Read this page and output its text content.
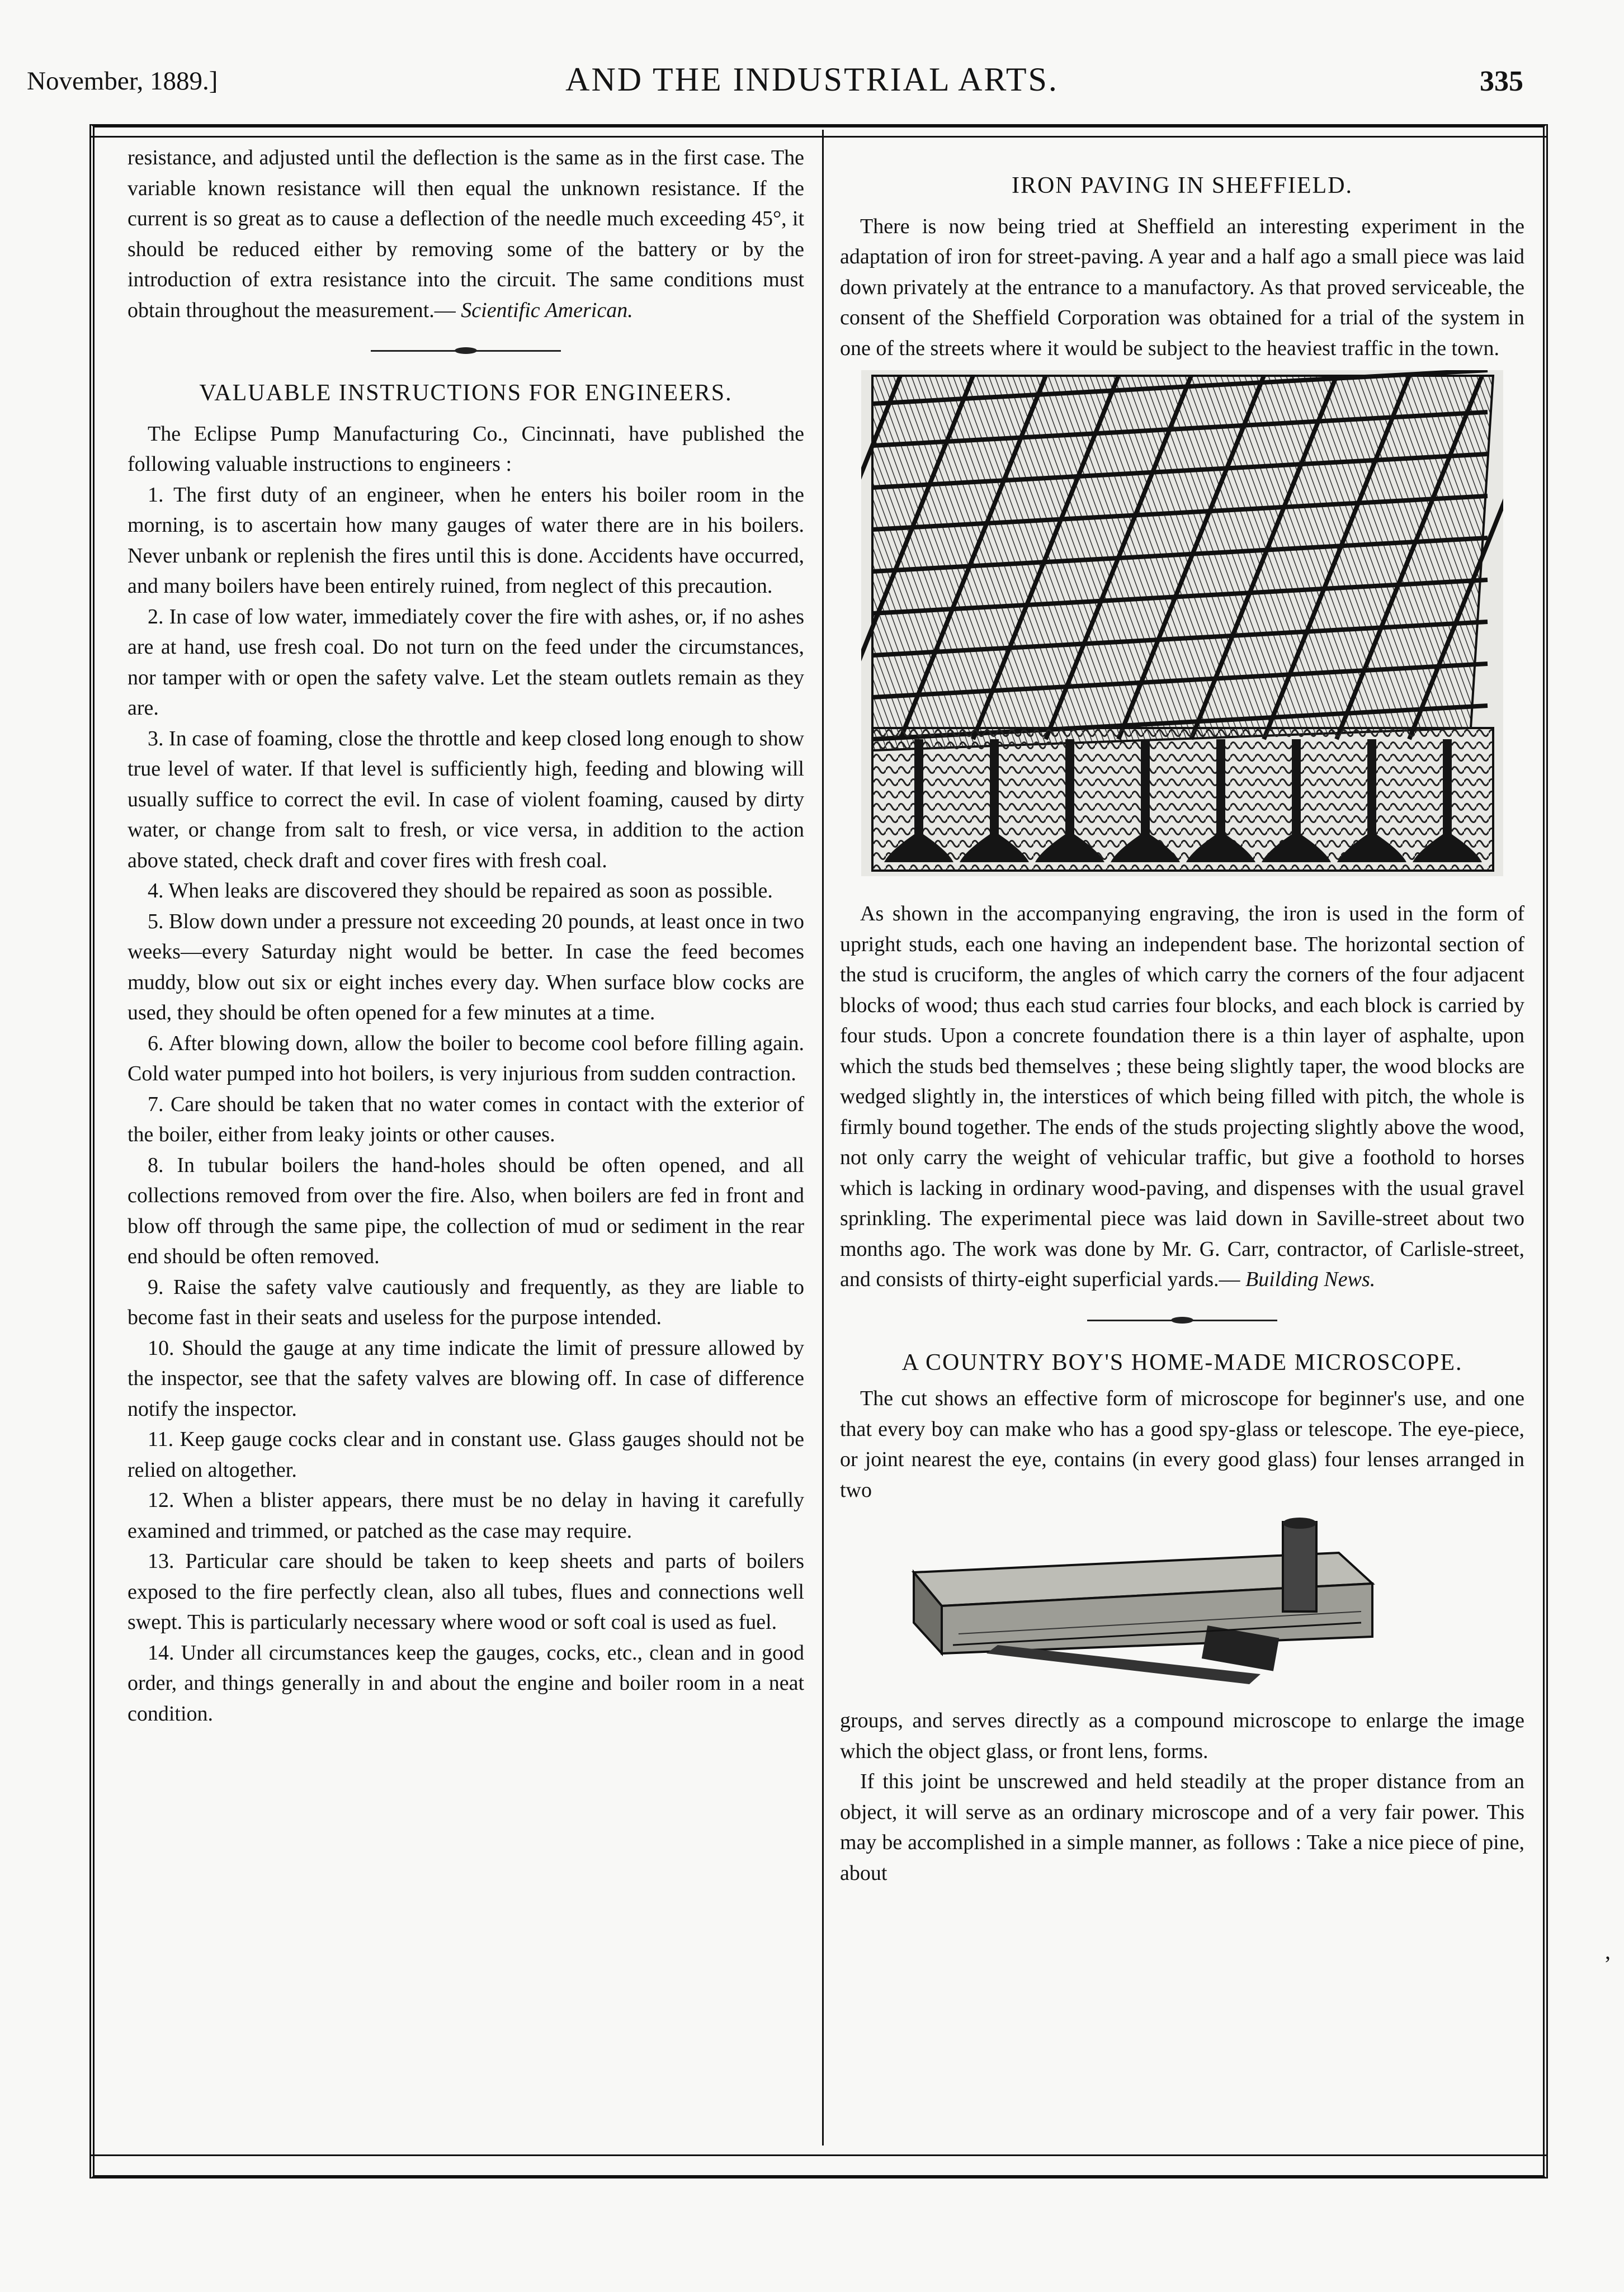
November, 1889.]	AND THE INDUSTRIAL ARTS.	335

resistance, and adjusted until the deflection is the same as in the first case. The variable known resistance will then equal the unknown resistance. If the current is so great as to cause a deflection of the needle much exceeding 45°, it should be reduced either by removing some of the battery or by the introduction of extra resistance into the circuit. The same conditions must obtain throughout the measurement.— Scientific American.

VALUABLE INSTRUCTIONS FOR ENGINEERS.

The Eclipse Pump Manufacturing Co., Cincinnati, have published the following valuable instructions to engineers :

1. The first duty of an engineer, when he enters his boiler room in the morning, is to ascertain how many gauges of water there are in his boilers. Never unbank or replenish the fires until this is done. Accidents have occurred, and many boilers have been entirely ruined, from neglect of this precaution.

2. In case of low water, immediately cover the fire with ashes, or, if no ashes are at hand, use fresh coal. Do not turn on the feed under the circumstances, nor tamper with or open the safety valve. Let the steam outlets remain as they are.

3. In case of foaming, close the throttle and keep closed long enough to show true level of water. If that level is sufficiently high, feeding and blowing will usually suffice to correct the evil. In case of violent foaming, caused by dirty water, or change from salt to fresh, or vice versa, in addition to the action above stated, check draft and cover fires with fresh coal.

4. When leaks are discovered they should be repaired as soon as possible.

5. Blow down under a pressure not exceeding 20 pounds, at least once in two weeks—every Saturday night would be better. In case the feed becomes muddy, blow out six or eight inches every day. When surface blow cocks are used, they should be often opened for a few minutes at a time.

6. After blowing down, allow the boiler to become cool before filling again. Cold water pumped into hot boilers, is very injurious from sudden contraction.

7. Care should be taken that no water comes in contact with the exterior of the boiler, either from leaky joints or other causes.

8. In tubular boilers the hand-holes should be often opened, and all collections removed from over the fire. Also, when boilers are fed in front and blow off through the same pipe, the collection of mud or sediment in the rear end should be often removed.

9. Raise the safety valve cautiously and frequently, as they are liable to become fast in their seats and useless for the purpose intended.

10. Should the gauge at any time indicate the limit of pressure allowed by the inspector, see that the safety valves are blowing off. In case of difference notify the inspector.

11. Keep gauge cocks clear and in constant use. Glass gauges should not be relied on altogether.

12. When a blister appears, there must be no delay in having it carefully examined and trimmed, or patched as the case may require.

13. Particular care should be taken to keep sheets and parts of boilers exposed to the fire perfectly clean, also all tubes, flues and connections well swept. This is particularly necessary where wood or soft coal is used as fuel.

14. Under all circumstances keep the gauges, cocks, etc., clean and in good order, and things generally in and about the engine and boiler room in a neat condition.

IRON PAVING IN SHEFFIELD.

There is now being tried at Sheffield an interesting experiment in the adaptation of iron for street-paving. A year and a half ago a small piece was laid down privately at the entrance to a manufactory. As that proved serviceable, the consent of the Sheffield Corporation was obtained for a trial of the system in one of the streets where it would be subject to the heaviest traffic in the town.

As shown in the accompanying engraving, the iron is used in the form of upright studs, each one having an independent base. The horizontal section of the stud is cruciform, the angles of which carry the corners of the four adjacent blocks of wood; thus each stud carries four blocks, and each block is carried by four studs. Upon a concrete foundation there is a thin layer of asphalte, upon which the studs bed themselves ; these being slightly taper, the wood blocks are wedged slightly in, the interstices of which being filled with pitch, the whole is firmly bound together. The ends of the studs projecting slightly above the wood, not only carry the weight of vehicular traffic, but give a foothold to horses which is lacking in ordinary wood-paving, and dispenses with the usual gravel sprinkling. The experimental piece was laid down in Saville-street about two months ago. The work was done by Mr. G. Carr, contractor, of Carlisle-street, and consists of thirty-eight superficial yards.— Building News.

A COUNTRY BOY'S HOME-MADE MICROSCOPE.

The cut shows an effective form of microscope for beginner's use, and one that every boy can make who has a good spy-glass or telescope. The eye-piece, or joint nearest the eye, contains (in every good glass) four lenses arranged in two

groups, and serves directly as a compound microscope to enlarge the image which the object glass, or front lens, forms.

If this joint be unscrewed and held steadily at the proper distance from an object, it will serve as an ordinary microscope and of a very fair power. This may be accomplished in a simple manner, as follows : Take a nice piece of pine, about

,
